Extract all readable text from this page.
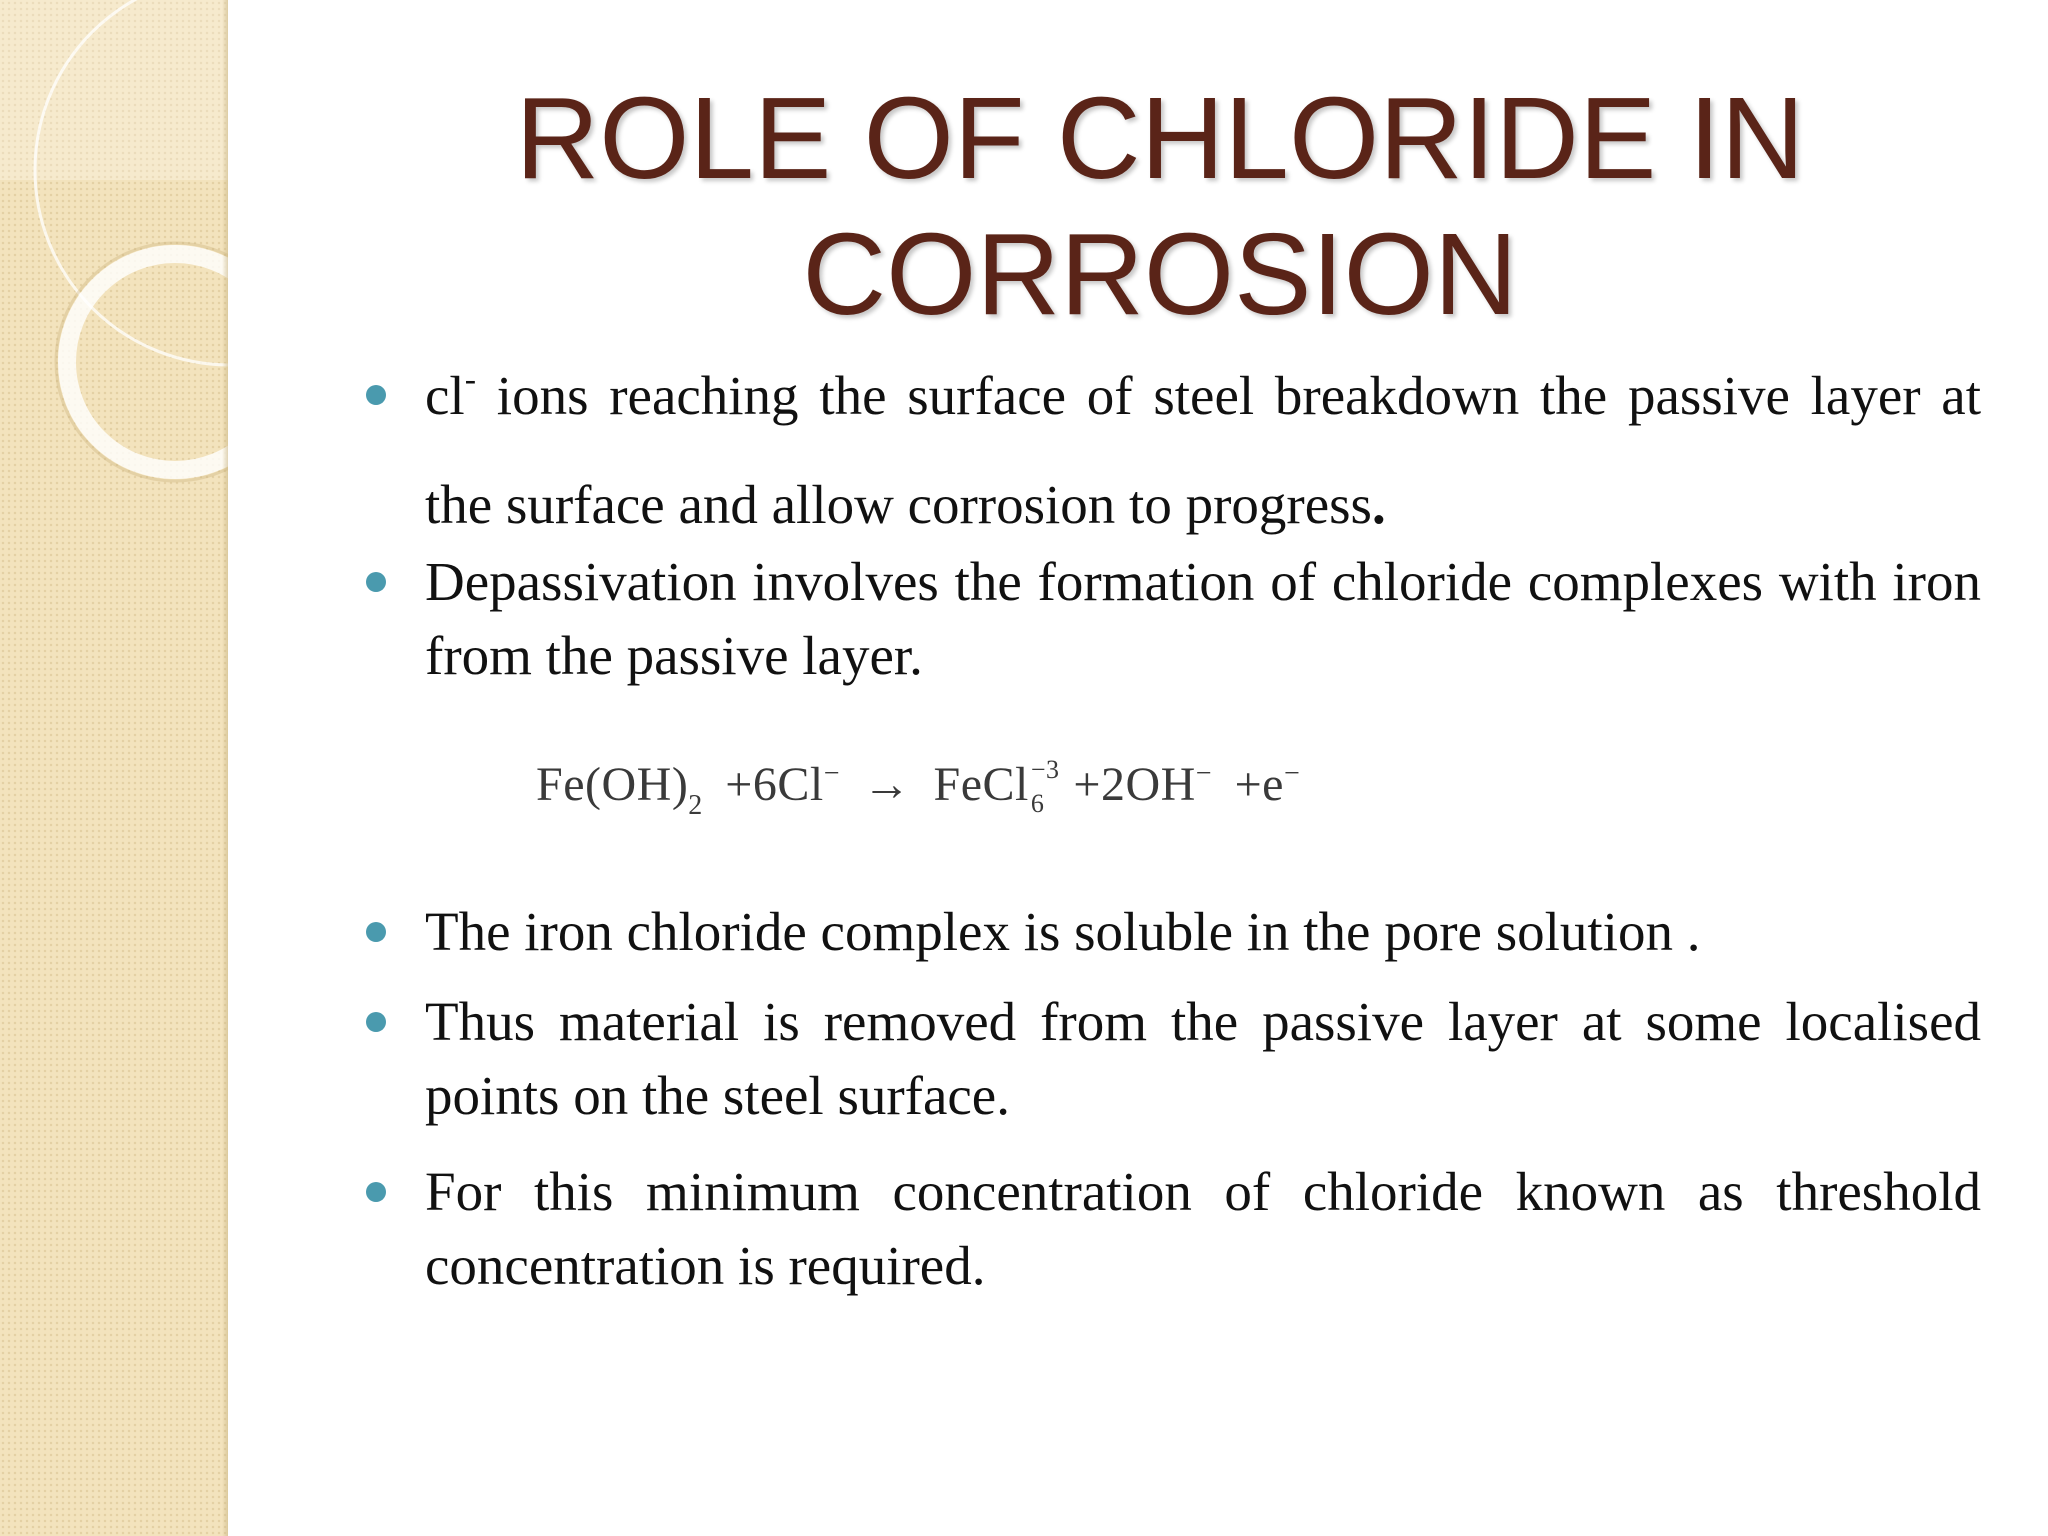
ROLE OF CHLORIDE IN CORROSION

cl- ions reaching the surface of steel breakdown the passive layer at the surface and allow corrosion to progress.

Depassivation involves the formation of chloride complexes with iron from the passive layer.

$Fe(OH)_2 +6Cl^-$ → FeCl −3
6 +2OH− +e−

The iron chloride complex is soluble in the pore solution .

Thus material is removed from the passive layer at some localised points on the steel surface.

For this minimum concentration of chloride known as threshold concentration is required.
